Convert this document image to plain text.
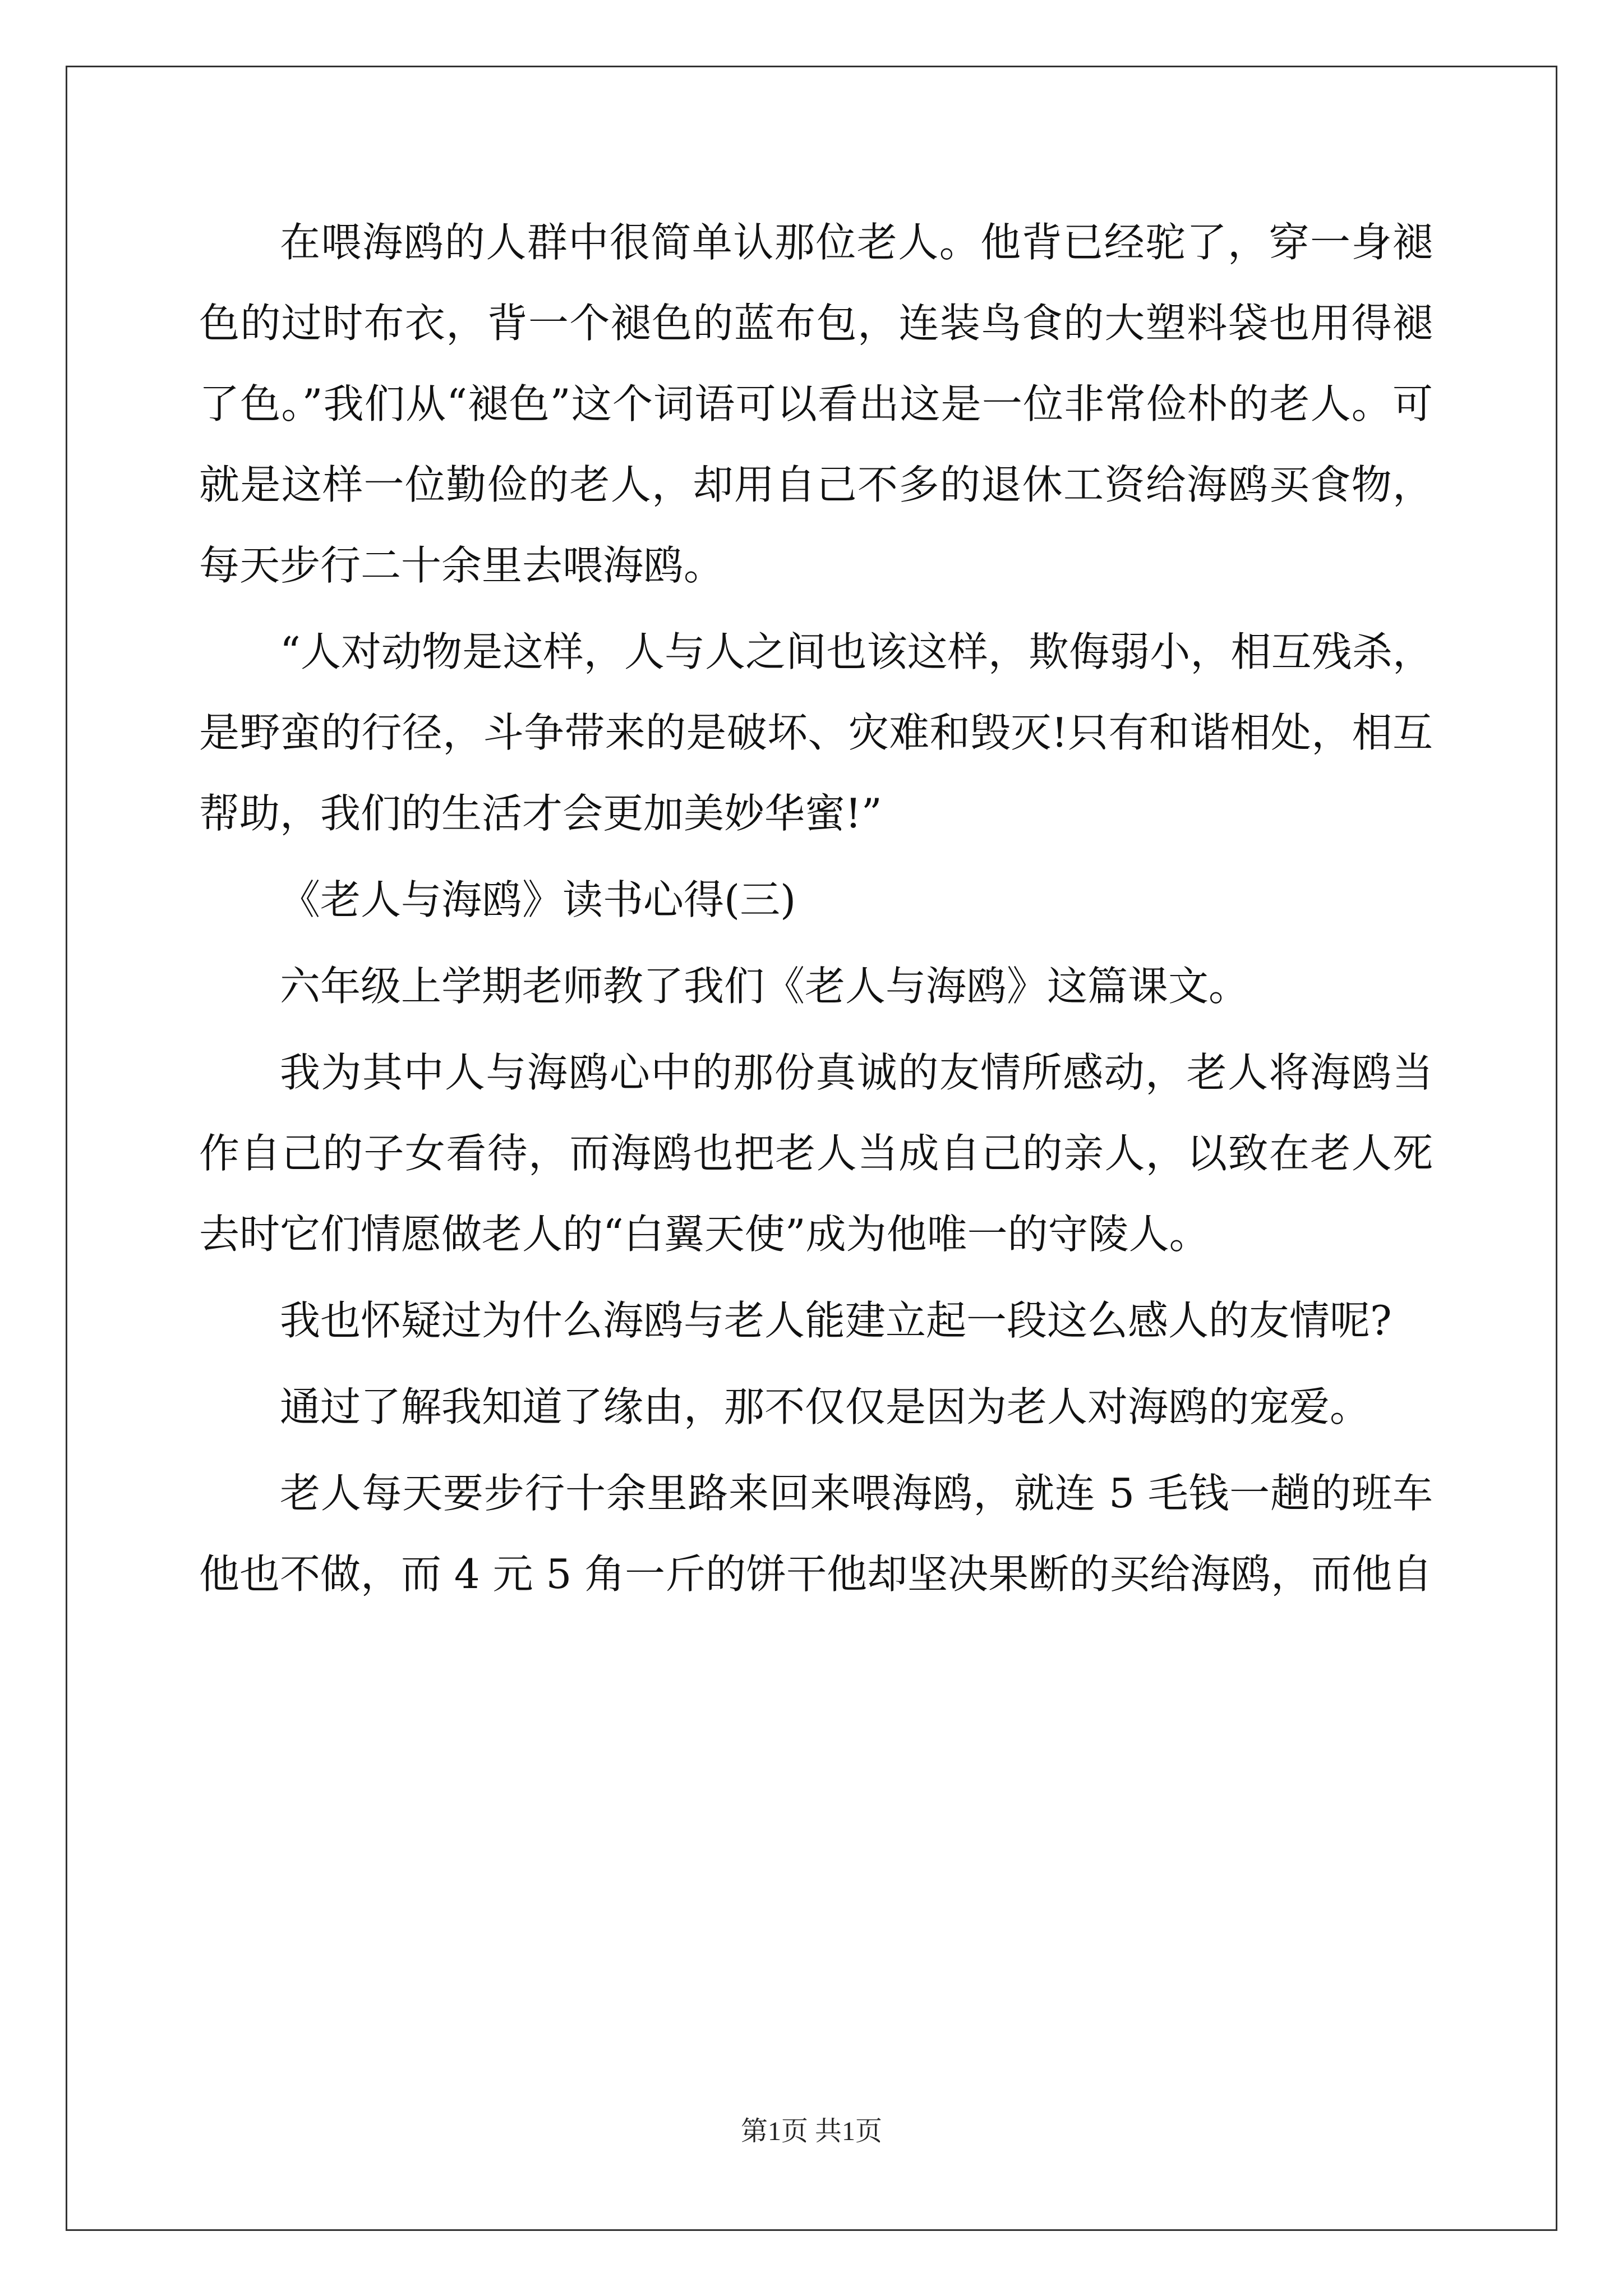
在喂海鸥的人群中很简单认那位老人。他背已经驼了，穿一身褪色的过时布衣，背一个褪色的蓝布包，连装鸟食的大塑料袋也用得褪了色。”我们从“褪色”这个词语可以看出这是一位非常俭朴的老人。可就是这样一位勤俭的老人，却用自己不多的退休工资给海鸥买食物，每天步行二十余里去喂海鸥。

“人对动物是这样，人与人之间也该这样，欺侮弱小，相互残杀，是野蛮的行径，斗争带来的是破坏、灾难和毁灭!只有和谐相处，相互帮助，我们的生活才会更加美妙华蜜!”

《老人与海鸥》读书心得(三)

六年级上学期老师教了我们《老人与海鸥》这篇课文。

我为其中人与海鸥心中的那份真诚的友情所感动，老人将海鸥当作自己的子女看待，而海鸥也把老人当成自己的亲人，以致在老人死去时它们情愿做老人的“白翼天使”成为他唯一的守陵人。

我也怀疑过为什么海鸥与老人能建立起一段这么感人的友情呢?

通过了解我知道了缘由，那不仅仅是因为老人对海鸥的宠爱。

老人每天要步行十余里路来回来喂海鸥，就连 5 毛钱一趟的班车他也不做，而 4 元 5 角一斤的饼干他却坚决果断的买给海鸥，而他自

第1页 共1页
